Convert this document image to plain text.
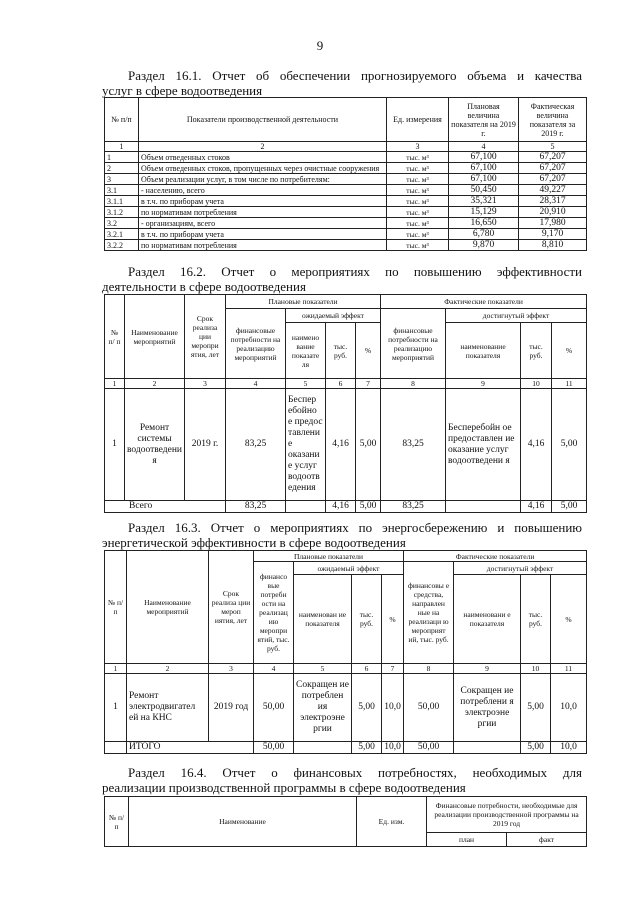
9
Раздел 16.1. Отчет об обеспечении прогнозируемого объема и качества
услуг в сфере водоотведения
№ п/п	Показатели производственной деятельности	Ед. измерения	Плановая величина показателя на 2019 г.	Фактическая величина показателя за 2019 г.
1	2	3	4	5
1	Объем отведенных стоков	тыс. м³	67,100	67,207
2	Объем отведенных стоков, пропущенных через очистные сооружения	тыс. м³	67,100	67,207
3	Объем реализации услуг, в том числе по потребителям:	тыс. м³	67,100	67,207
3.1	- населению, всего	тыс. м³	50,450	49,227
3.1.1	в т.ч. по приборам учета	тыс. м³	35,321	28,317
3.1.2	по нормативам потребления	тыс. м³	15,129	20,910
3.2	- организациям, всего	тыс. м³	16,650	17,980
3.2.1	в т.ч. по приборам учета	тыс. м³	6,780	9,170
3.2.2	по нормативам потребления	тыс. м³	9,870	8,810
Раздел 16.2. Отчет о мероприятиях по повышению эффективности
деятельности в сфере водоотведения
№ п/ п	Наименование мероприятий	Срок реализа ции меропри ятия, лет	Плановые показатели				Фактические показатели			
			финансовые потребности на реализацию мероприятий	ожидаемый эффект			финансовые потребности на реализацию мероприятий	достигнутый эффект		
				наимено вание показате ля	тыс. руб.	%		наименование показателя	тыс. руб.	%
1	2	3	4	5	6	7	8	9	10	11
1	Ремонт системы водоотведени я	2019 г.	83,25	Беспер ебойно е предос тавлени е оказани е услуг водоотв едения	4,16	5,00	83,25	Бесперебойн ое предоставлен ие оказание услуг водоотведени я	4,16	5,00
Всего			83,25		4,16	5,00	83,25		4,16	5,00
Раздел 16.3. Отчет о мероприятиях по энергосбережению и повышению
энергетической эффективности в сфере водоотведения
№ п/п	Наименование мероприятий	Срок реализа ции мероп иятия, лет	Плановые показатели				Фактические показатели			
			финансо вые потребн ости на реализац ию меропри ятий, тыс. руб.	ожидаемый эффект			финансовы е средства, направлен ные на реализаци ю мероприят ий, тыс. руб.	достигнутый эффект		
				наименован ие показателя	тыс. руб.	%		наименовани е показателя	тыс. руб.	%
1	2	3	4	5	6	7	8	9	10	11
1	Ремонт электродвигател ей на КНС	2019 год	50,00	Сокращен ие потреблен ия электроэне ргии	5,00	10,0	50,00	Сокращен ие потреблени я электроэне ргии	5,00	10,0
	ИТОГО		50,00		5,00	10,0	50,00		5,00	10,0
Раздел 16.4. Отчет о финансовых потребностях, необходимых для
реализации производственной программы в сфере водоотведения
№ п/п	Наименование	Ед. изм.	Финансовые потребности, необходимые для реализации производственной программы на 2019 год	
			план	факт
